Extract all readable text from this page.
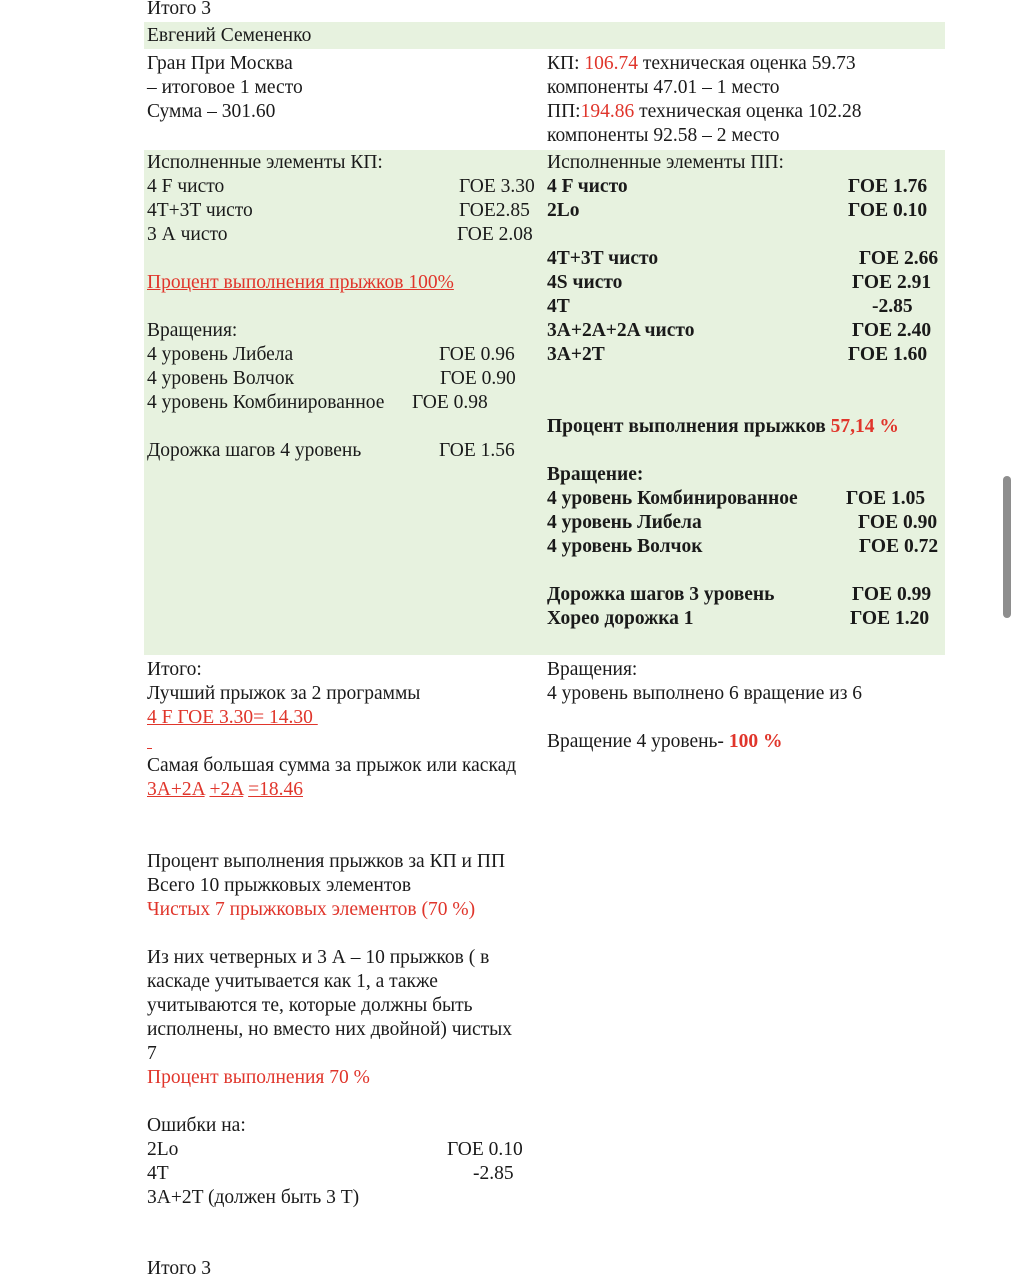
Итого 3
Евгений Семененко
Гран При Москва
– итоговое 1 место
Сумма – 301.60
КП: 106.74 техническая оценка 59.73
компоненты 47.01 – 1 место
ПП:194.86 техническая оценка 102.28
компоненты 92.58 – 2 место
Исполненные элементы КП:
4 F чисто	ГОЕ 3.30
4T+3T чисто	ГОЕ2.85
3 А чисто	ГОЕ 2.08
Процент выполнения прыжков 100%
Вращения:
4 уровень Либела	ГОЕ 0.96
4 уровень Волчок	ГОЕ 0.90
4 уровень Комбинированное ГОЕ 0.98
Дорожка шагов 4 уровень	ГОЕ 1.56
Исполненные элементы ПП:
4 F чисто	ГОЕ 1.76
2Lo	ГОЕ 0.10
4T+3T чисто	ГОЕ 2.66
4S чисто	ГОЕ 2.91
4T	-2.85
3A+2A+2A чисто	ГОЕ 2.40
3A+2T	ГОЕ 1.60
Процент выполнения прыжков 57,14 %
Вращение:
4 уровень Комбинированное ГОЕ 1.05
4 уровень Либела	ГОЕ 0.90
4 уровень Волчок	ГОЕ 0.72
Дорожка шагов 3 уровень	ГОЕ 0.99
Хорео дорожка 1	ГОЕ 1.20
Итого:
Лучший прыжок за 2 программы
4 F ГОЕ 3.30= 14.30
Самая большая сумма за прыжок или каскад
3A+2A +2A =18.46
Процент выполнения прыжков за КП и ПП
Всего 10 прыжковых элементов
Чистых 7 прыжковых элементов (70 %)
Из них четверных и 3 А – 10 прыжков ( в
каскаде учитывается как 1, а также
учитываются те, которые должны быть
исполнены, но вместо них двойной) чистых
7
Процент выполнения 70 %
Ошибки на:
2Lo	ГОЕ 0.10
4T	-2.85
3A+2T (должен быть 3 T)
Итого 3
Вращения:
4 уровень выполнено 6 вращение из 6
Вращение 4 уровень- 100 %
